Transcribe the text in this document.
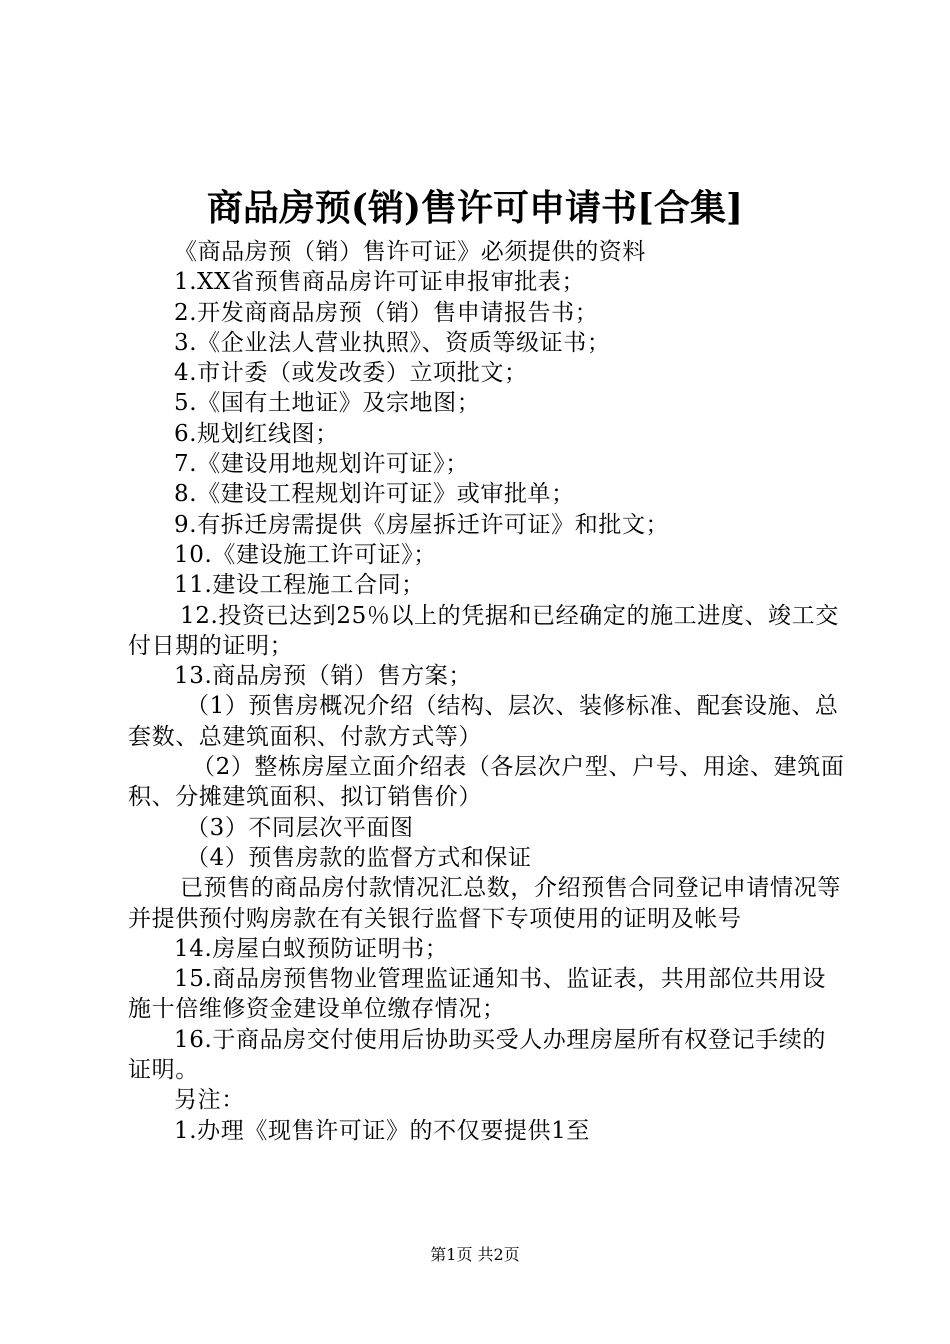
商品房预(销)售许可申请书[合集]

《商品房预（销）售许可证》必须提供的资料

1.XX省预售商品房许可证申报审批表；

2.开发商商品房预（销）售申请报告书；

3.《企业法人营业执照》、资质等级证书；

4.市计委（或发改委）立项批文；

5.《国有土地证》及宗地图；

6.规划红线图；

7.《建设用地规划许可证》；

8.《建设工程规划许可证》或审批单；

9.有拆迁房需提供《房屋拆迁许可证》和批文；

10.《建设施工许可证》；

11.建设工程施工合同；

12.投资已达到25％以上的凭据和已经确定的施工进度、竣工交付日期的证明；

13.商品房预（销）售方案；

（1）预售房概况介绍（结构、层次、装修标准、配套设施、总套数、总建筑面积、付款方式等）

（2）整栋房屋立面介绍表（各层次户型、户号、用途、建筑面积、分摊建筑面积、拟订销售价）

（3）不同层次平面图

（4）预售房款的监督方式和保证

已预售的商品房付款情况汇总数，介绍预售合同登记申请情况等并提供预付购房款在有关银行监督下专项使用的证明及帐号

14.房屋白蚁预防证明书；

15.商品房预售物业管理监证通知书、监证表，共用部位共用设施十倍维修资金建设单位缴存情况；

16.于商品房交付使用后协助买受人办理房屋所有权登记手续的证明。

另注：

1.办理《现售许可证》的不仅要提供1至

第1页 共2页
